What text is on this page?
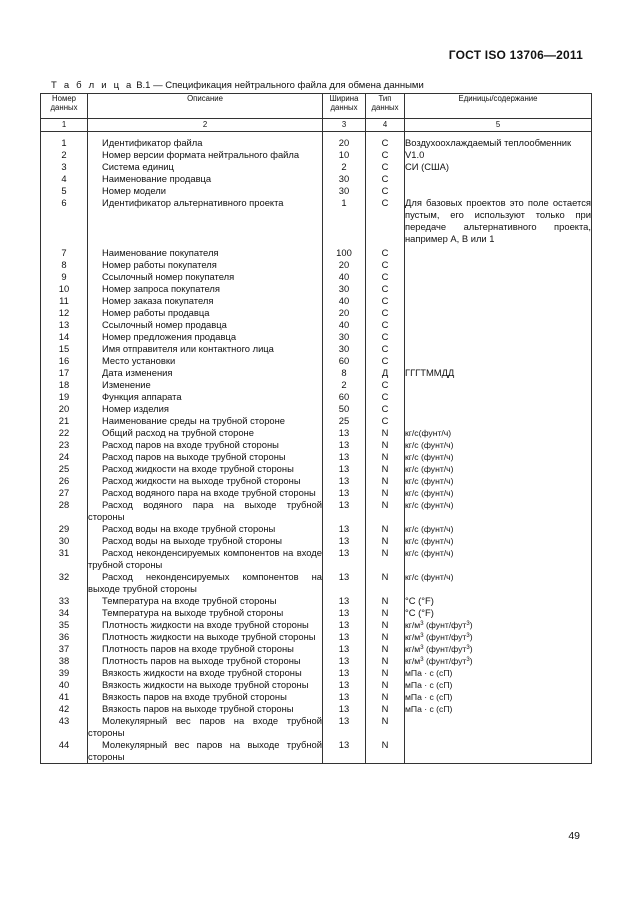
ГОСТ ISO 13706—2011
Т а б л и ц а В.1 — Спецификация нейтрального файла для обмена данными
Номер данных	Описание	Ширина данных	Тип данных	Единицы/содержание
1	2	3	4	5
1	Идентификатор файла	20	C	Воздухоохлаждаемый теплообменник
2	Номер версии формата нейтрального файла	10	C	V1.0
3	Система единиц	2	C	СИ (США)
4	Наименование продавца	30	C	
5	Номер модели	30	C	
6	Идентификатор альтернативного проекта	1	C	Для базовых проектов это поле остается пустым, его используют только при передаче альтернативного проекта, например А, В или 1
7	Наименование покупателя	100	C	
8	Номер работы покупателя	20	C	
9	Ссылочный номер покупателя	40	C	
10	Номер запроса покупателя	30	C	
11	Номер заказа покупателя	40	C	
12	Номер работы продавца	20	C	
13	Ссылочный номер продавца	40	C	
14	Номер предложения продавца	30	C	
15	Имя отправителя или контактного лица	30	C	
16	Место установки	60	C	
17	Дата изменения	8	Д	ГГГТММДД
18	Изменение	2	C	
19	Функция аппарата	60	C	
20	Номер изделия	50	C	
21	Наименование среды на трубной стороне	25	C	
22	Общий расход на трубной стороне	13	N	кг/с(фунт/ч)
23	Расход паров на входе трубной стороны	13	N	кг/с (фунт/ч)
24	Расход паров на выходе трубной стороны	13	N	кг/с (фунт/ч)
25	Расход жидкости на входе трубной стороны	13	N	кг/с (фунт/ч)
26	Расход жидкости на выходе трубной стороны	13	N	кг/с (фунт/ч)
27	Расход водяного пара на входе трубной стороны	13	N	кг/с (фунт/ч)
28	Расход водяного пара на выходе трубной стороны	13	N	кг/с (фунт/ч)
29	Расход воды на входе трубной стороны	13	N	кг/с (фунт/ч)
30	Расход воды на выходе трубной стороны	13	N	кг/с (фунт/ч)
31	Расход неконденсируемых компонентов на входе трубной стороны	13	N	кг/с (фунт/ч)
32	Расход неконденсируемых компонентов на выходе трубной стороны	13	N	кг/с (фунт/ч)
33	Температура на входе трубной стороны	13	N	°C (°F)
34	Температура на выходе трубной стороны	13	N	°C (°F)
35	Плотность жидкости на входе трубной стороны	13	N	$кг/м^3$ (фунт/фут$^3$)
36	Плотность жидкости на выходе трубной стороны	13	N	$кг/м^3$ (фунт/фут$^3$)
37	Плотность паров на входе трубной стороны	13	N	$кг/м^3$ (фунт/фут$^3$)
38	Плотность паров на выходе трубной стороны	13	N	$кг/м^3$ (фунт/фут$^3$)
39	Вязкость жидкости на входе трубной стороны	13	N	мПа · с (сП)
40	Вязкость жидкости на выходе трубной стороны	13	N	мПа · с (сП)
41	Вязкость паров на входе трубной стороны	13	N	мПа · с (сП)
42	Вязкость паров на выходе трубной стороны	13	N	мПа · с (сП)
43	Молекулярный вес паров на входе трубной стороны	13	N	
44	Молекулярный вес паров на выходе трубной стороны	13	N	
49
